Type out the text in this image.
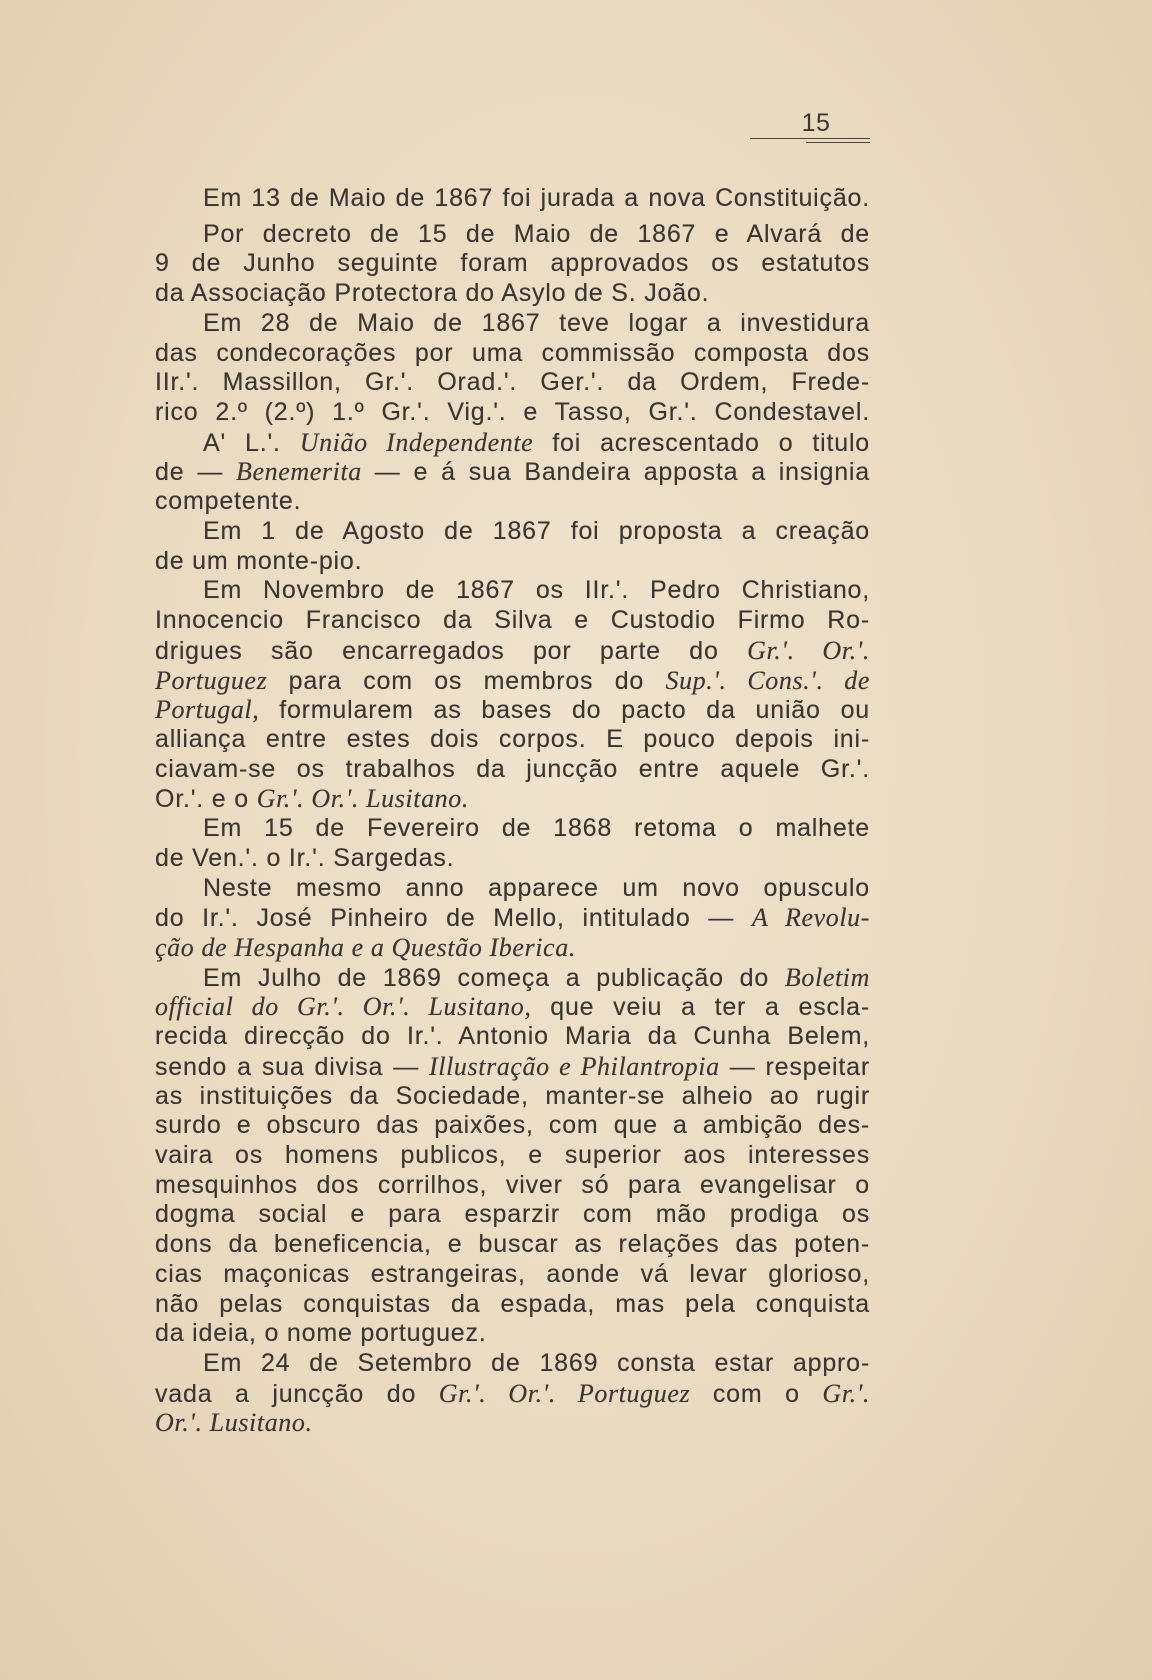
15
Em 13 de Maio de 1867 foi jurada a nova Constituição.
Por decreto de 15 de Maio de 1867 e Alvará de
9 de Junho seguinte foram approvados os estatutos
da Associação Protectora do Asylo de S. João.
Em 28 de Maio de 1867 teve logar a investidura
das condecorações por uma commissão composta dos
IIr.'. Massillon, Gr.'. Orad.'. Ger.'. da Ordem, Frede-
rico 2.º (2.º) 1.º Gr.'. Vig.'. e Tasso, Gr.'. Condestavel.
A' L.'. União Independente foi acrescentado o titulo
de — Benemerita — e á sua Bandeira apposta a insignia
competente.
Em 1 de Agosto de 1867 foi proposta a creação
de um monte-pio.
Em Novembro de 1867 os IIr.'. Pedro Christiano,
Innocencio Francisco da Silva e Custodio Firmo Ro-
drigues são encarregados por parte do Gr.'. Or.'.
Portuguez para com os membros do Sup.'. Cons.'. de
Portugal, formularem as bases do pacto da união ou
alliança entre estes dois corpos. E pouco depois ini-
ciavam-se os trabalhos da juncção entre aquele Gr.'.
Or.'. e o Gr.'. Or.'. Lusitano.
Em 15 de Fevereiro de 1868 retoma o malhete
de Ven.'. o Ir.'. Sargedas.
Neste mesmo anno apparece um novo opusculo
do Ir.'. José Pinheiro de Mello, intitulado — A Revolu-
ção de Hespanha e a Questão Iberica.
Em Julho de 1869 começa a publicação do Boletim
official do Gr.'. Or.'. Lusitano, que veiu a ter a escla-
recida direcção do Ir.'. Antonio Maria da Cunha Belem,
sendo a sua divisa — Illustração e Philantropia — respeitar
as instituições da Sociedade, manter-se alheio ao rugir
surdo e obscuro das paixões, com que a ambição des-
vaira os homens publicos, e superior aos interesses
mesquinhos dos corrilhos, viver só para evangelisar o
dogma social e para esparzir com mão prodiga os
dons da beneficencia, e buscar as relações das poten-
cias maçonicas estrangeiras, aonde vá levar glorioso,
não pelas conquistas da espada, mas pela conquista
da ideia, o nome portuguez.
Em 24 de Setembro de 1869 consta estar appro-
vada a juncção do Gr.'. Or.'. Portuguez com o Gr.'.
Or.'. Lusitano.
